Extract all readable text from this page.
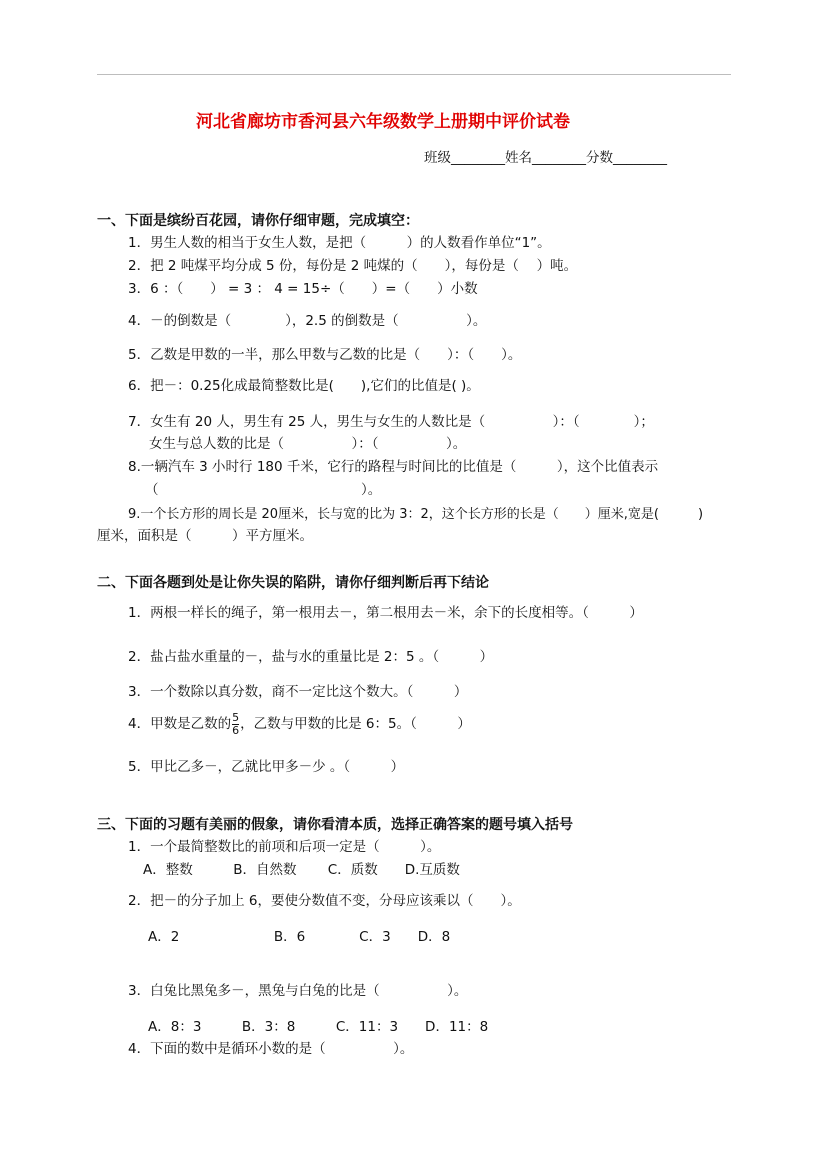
河北省廊坊市香河县六年级数学上册期中评价试卷
班级________姓名________分数________
一、下面是缤纷百花园，请你仔细审题，完成填空：
1．男生人数的相当于女生人数，是把（　　　）的人数看作单位“1”。
2．把 2 吨煤平均分成 5 份，每份是 2 吨煤的（　　），每份是（　 ）吨。
3．6 ：（　　） = 3 ： 4 = 15÷（　　）=（　　）小数
4．－的倒数是（　　　　），2.5 的倒数是（　　　　　）。
5．乙数是甲数的一半，那么甲数与乙数的比是（　　）：（　　）。
6．把－：0.25化成最简整数比是(　　),它们的比值是( )。
7．女生有 20 人，男生有 25 人，男生与女生的人数比是（　　　　　）：（　　　　）；
女生与总人数的比是（　　　　　）：（　　　　　）。
8.一辆汽车 3 小时行 180 千米，它行的路程与时间比的比值是（　　　），这个比值表示
（　　　　　　　　　　　　　　　）。
9.一个长方形的周长是 20厘米，长与宽的比为 3：2，这个长方形的长是（　　）厘米,宽是(　　　)
厘米，面积是（　　　）平方厘米。
二、下面各题到处是让你失误的陷阱，请你仔细判断后再下结论
1．两根一样长的绳子，第一根用去－，第二根用去－米，余下的长度相等。（　　　）
2．盐占盐水重量的－，盐与水的重量比是 2：5 。（　　　）
3．一个数除以真分数，商不一定比这个数大。（　　　）
4．甲数是乙数的 $\frac{5}{6}$ ，乙数与甲数的比是 6：5。（　　　）
5．甲比乙多－，乙就比甲多－少 。（　　　）
三、下面的习题有美丽的假象，请你看清本质，选择正确答案的题号填入括号
1．一个最简整数比的前项和后项一定是（　　　）。
A．整数　　　B．自然数　　 C．质数　　D.互质数
2．把－的分子加上 6，要使分数值不变，分母应该乘以（　　）。
A．2　　　　　　　B．6　　　　C．3　　D．8
3．白兔比黑兔多－，黑兔与白兔的比是（　　　　　）。
A．8：3　　　B．3：8　　　C．11：3　　D．11：8
4．下面的数中是循环小数的是（　　　　　）。
